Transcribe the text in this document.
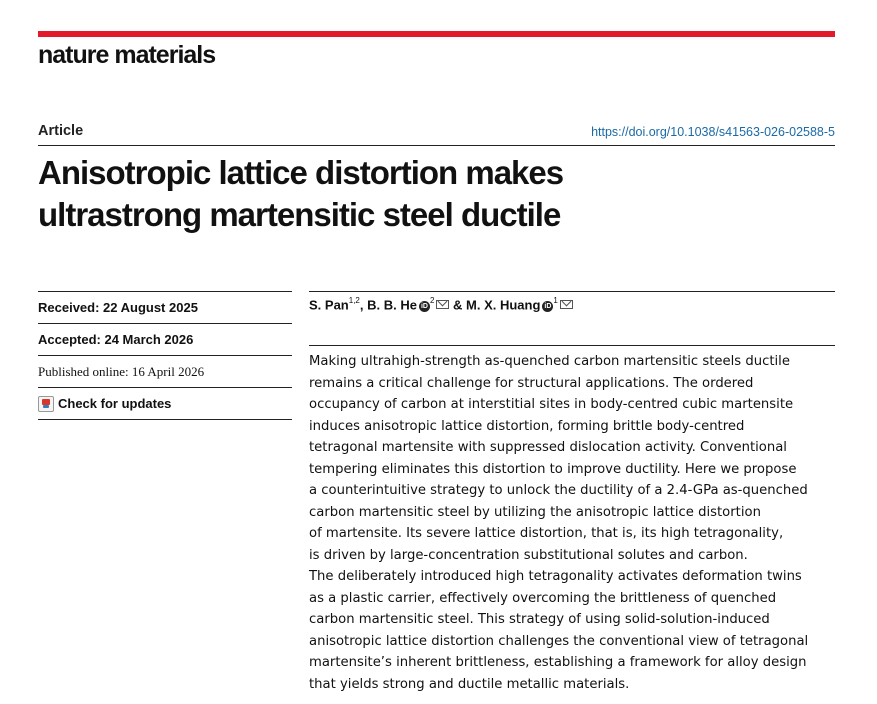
nature materials
Article	https://doi.org/10.1038/s41563-026-02588-5
Anisotropic lattice distortion makes
ultrastrong martensitic steel ductile
Received: 22 August 2025
Accepted: 24 March 2026
Published online: 16 April 2026
Check for updates
S. Pan$^{1,2}$, B. B. He $iD^2$ & M. X. Huang $iD^1$
Making ultrahigh-strength as-quenched carbon martensitic steels ductile
remains a critical challenge for structural applications. The ordered
occupancy of carbon at interstitial sites in body-centred cubic martensite
induces anisotropic lattice distortion, forming brittle body-centred
tetragonal martensite with suppressed dislocation activity. Conventional
tempering eliminates this distortion to improve ductility. Here we propose
a counterintuitive strategy to unlock the ductility of a 2.4-GPa as-quenched
carbon martensitic steel by utilizing the anisotropic lattice distortion
of martensite. Its severe lattice distortion, that is, its high tetragonality,
is driven by large-concentration substitutional solutes and carbon.
The deliberately introduced high tetragonality activates deformation twins
as a plastic carrier, effectively overcoming the brittleness of quenched
carbon martensitic steel. This strategy of using solid-solution-induced
anisotropic lattice distortion challenges the conventional view of tetragonal
martensite’s inherent brittleness, establishing a framework for alloy design
that yields strong and ductile metallic materials.
